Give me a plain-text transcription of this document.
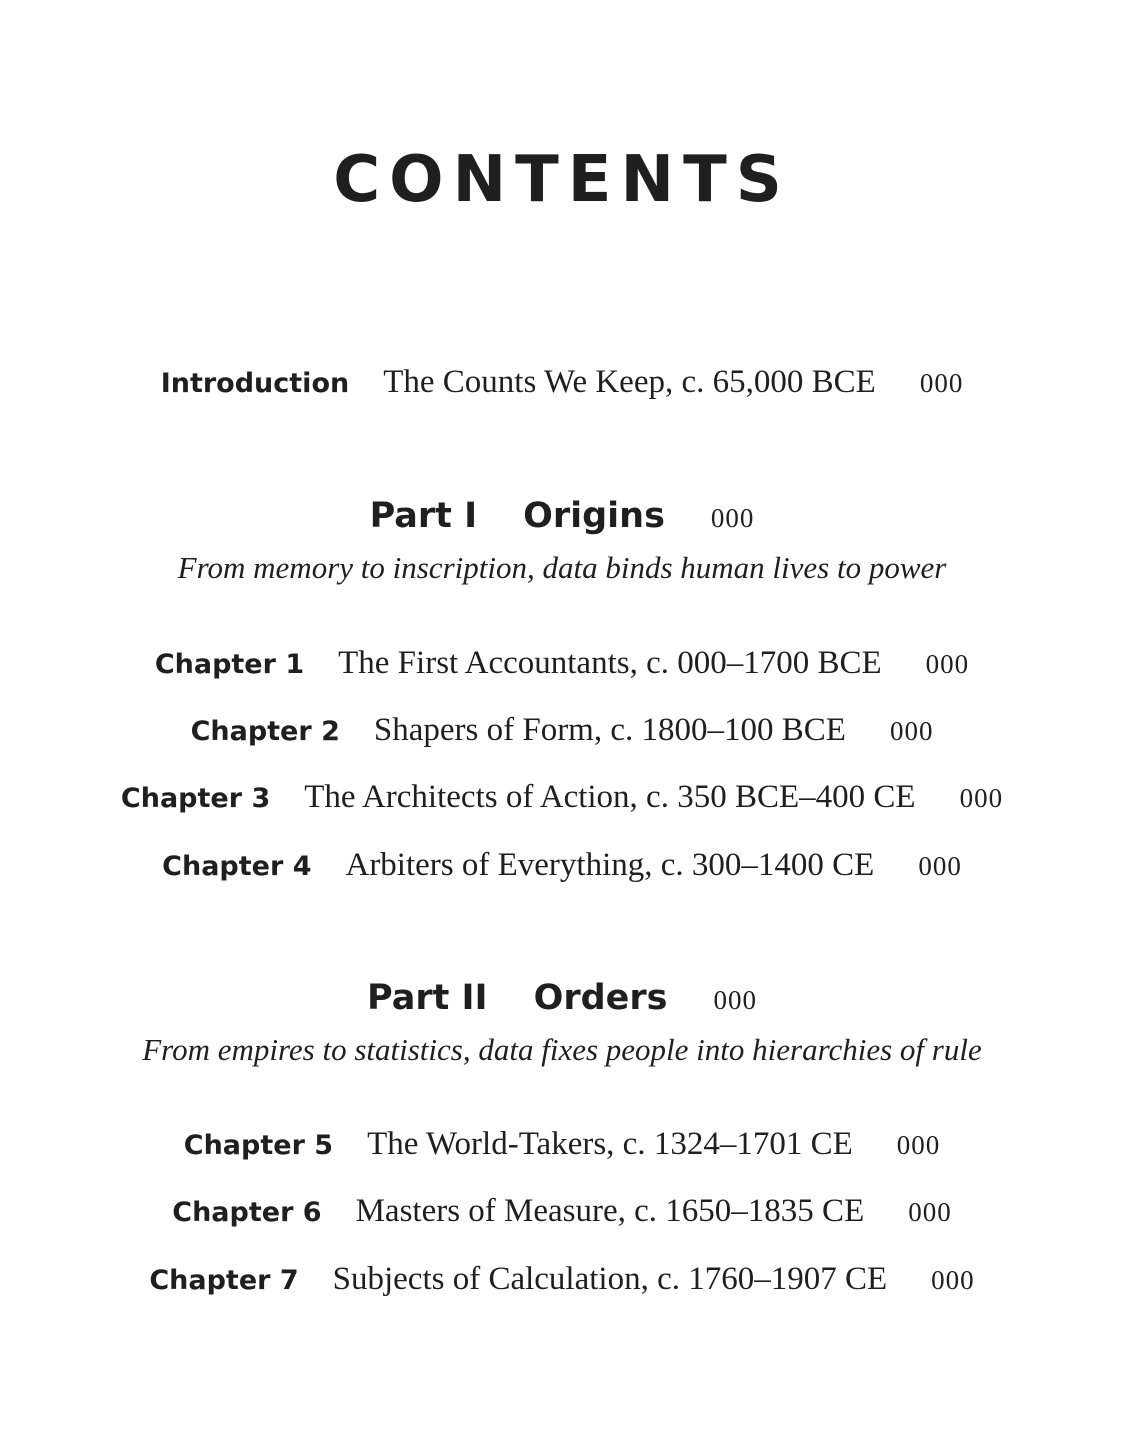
CONTENTS
Introduction The Counts We Keep, c. 65,000 BCE 000
Part I Origins 000
From memory to inscription, data binds human lives to power
Chapter 1 The First Accountants, c. 000–1700 BCE 000
Chapter 2 Shapers of Form, c. 1800–100 BCE 000
Chapter 3 The Architects of Action, c. 350 BCE–400 CE 000
Chapter 4 Arbiters of Everything, c. 300–1400 CE 000
Part II Orders 000
From empires to statistics, data fixes people into hierarchies of rule
Chapter 5 The World-Takers, c. 1324–1701 CE 000
Chapter 6 Masters of Measure, c. 1650–1835 CE 000
Chapter 7 Subjects of Calculation, c. 1760–1907 CE 000
